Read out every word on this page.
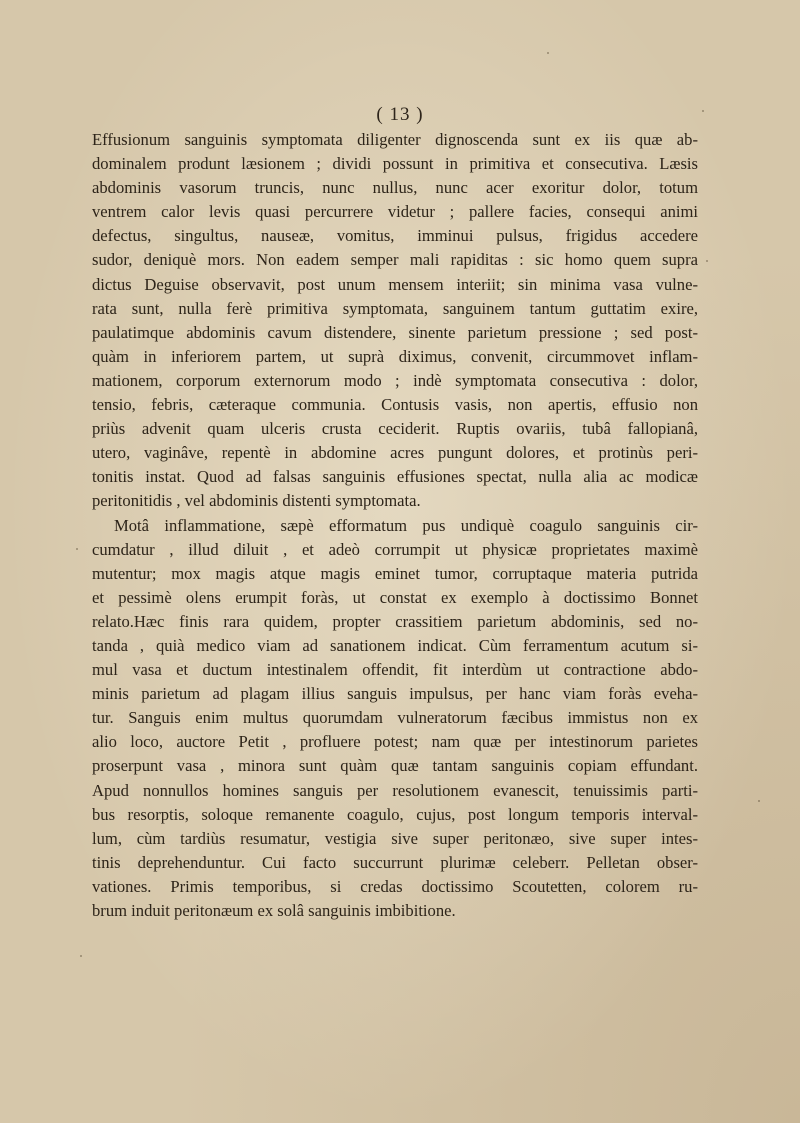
( 13 )
Effusionum sanguinis symptomata diligenter dignoscenda sunt ex iis quæ ab-
dominalem produnt læsionem ; dividi possunt in primitiva et consecutiva. Læsis
abdominis vasorum truncis, nunc nullus, nunc acer exoritur dolor, totum
ventrem calor levis quasi percurrere videtur ; pallere facies, consequi animi
defectus, singultus, nauseæ, vomitus, imminui pulsus, frigidus accedere
sudor, deniquè mors. Non eadem semper mali rapiditas : sic homo quem supra
dictus Deguise observavit, post unum mensem interiit; sin minima vasa vulne-
rata sunt, nulla ferè primitiva symptomata, sanguinem tantum guttatim exire,
paulatimque abdominis cavum distendere, sinente parietum pressione ; sed post-
quàm in inferiorem partem, ut suprà diximus, convenit, circummovet inflam-
mationem, corporum externorum modo ; indè symptomata consecutiva : dolor,
tensio, febris, cæteraque communia. Contusis vasis, non apertis, effusio non
priùs advenit quam ulceris crusta ceciderit. Ruptis ovariis, tubâ fallopianâ,
utero, vaginâve, repentè in abdomine acres pungunt dolores, et protinùs peri-
tonitis instat. Quod ad falsas sanguinis effusiones spectat, nulla alia ac modicæ
peritonitidis , vel abdominis distenti symptomata.
Motâ inflammatione, sæpè efformatum pus undiquè coagulo sanguinis cir-
cumdatur , illud diluit , et adeò corrumpit ut physicæ proprietates maximè
mutentur; mox magis atque magis eminet tumor, corruptaque materia putrida
et pessimè olens erumpit foràs, ut constat ex exemplo à doctissimo Bonnet
relato.Hæc finis rara quidem, propter crassitiem parietum abdominis, sed no-
tanda , quià medico viam ad sanationem indicat. Cùm ferramentum acutum si-
mul vasa et ductum intestinalem offendit, fit interdùm ut contractione abdo-
minis parietum ad plagam illius sanguis impulsus, per hanc viam foràs eveha-
tur. Sanguis enim multus quorumdam vulneratorum fæcibus immistus non ex
alio loco, auctore Petit , profluere potest; nam quæ per intestinorum parietes
proserpunt vasa , minora sunt quàm quæ tantam sanguinis copiam effundant.
Apud nonnullos homines sanguis per resolutionem evanescit, tenuissimis parti-
bus resorptis, soloque remanente coagulo, cujus, post longum temporis interval-
lum, cùm tardiùs resumatur, vestigia sive super peritonæo, sive super intes-
tinis deprehenduntur. Cui facto succurrunt plurimæ celeberr. Pelletan obser-
vationes. Primis temporibus, si credas doctissimo Scoutetten, colorem ru-
brum induit peritonæum ex solâ sanguinis imbibitione.
